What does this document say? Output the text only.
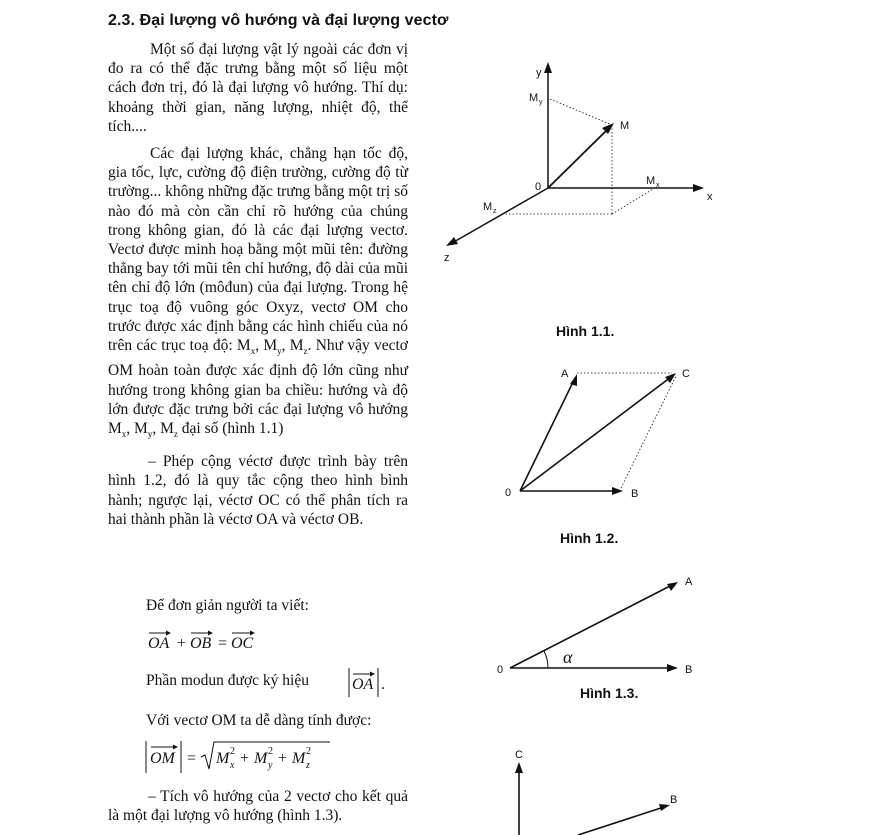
2.3. Đại lượng vô hướng và đại lượng vectơ

Một số đại lượng vật lý ngoài các đơn vị đo ra có thể đặc trưng bằng một số liệu một cách đơn trị, đó là đại lượng vô hướng. Thí dụ: khoảng thời gian, năng lượng, nhiệt độ, thể tích....

Các đại lượng khác, chẳng hạn tốc độ, gia tốc, lực, cường độ điện trường, cường độ từ trường... không những đặc trưng bằng một trị số nào đó mà còn cần chỉ rõ hướng của chúng trong không gian, đó là các đại lượng vectơ. Vectơ được minh hoạ bằng một mũi tên: đường thẳng bay tới mũi tên chỉ hướng, độ dài của mũi tên chỉ độ lớn (môđun) của đại lượng. Trong hệ trục toạ độ vuông góc Oxyz, vectơ OM cho trước được xác định bằng các hình chiếu của nó trên các trục toạ độ: $M_x$, $M_y$, $M_z$. Như vậy vectơ OM hoàn toàn được xác định độ lớn cũng như hướng trong không gian ba chiều: hướng và độ lớn được đặc trưng bởi các đại lượng vô hướng $M_x$, $M_y$, $M_z$ đại số (hình 1.1)

– Phép cộng véctơ được trình bày trên hình 1.2, đó là quy tắc cộng theo hình bình hành; ngược lại, véctơ OC có thể phân tích ra hai thành phần là véctơ OA và véctơ OB.

Để đơn giản người ta viết:
OA + OB = OC
OA .
OM = M 2
x + M 2
y + M 2
z
Phần modun được ký hiệu
Với vectơ OM ta dễ dàng tính được:

– Tích vô hướng của 2 vectơ cho kết quả là một đại lượng vô hướng (hình 1.3).

y
x
z
0
M
M y
M x
M z
A	C
0	B
A
B
0
α
C
B
Hình 1.1.
Hình 1.2.
Hình 1.3.
